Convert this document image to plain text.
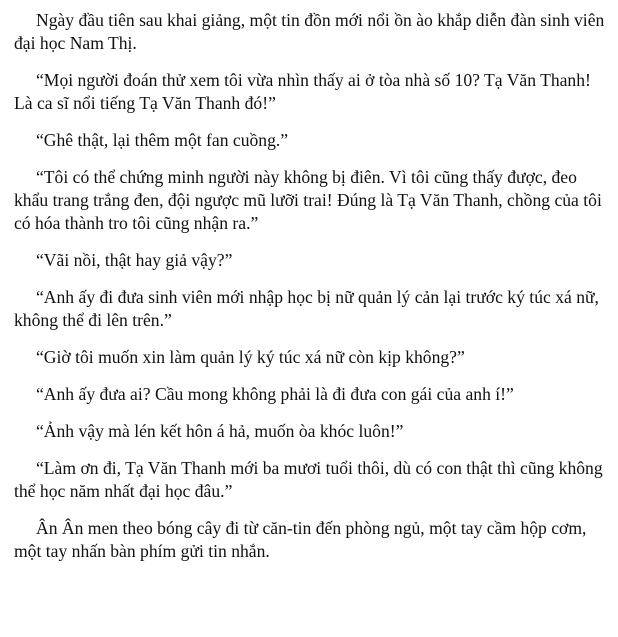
Ngày đầu tiên sau khai giảng, một tin đồn mới nổi ồn ào khắp diễn đàn sinh viên đại học Nam Thị.

“Mọi người đoán thử xem tôi vừa nhìn thấy ai ở tòa nhà số 10? Tạ Văn Thanh! Là ca sĩ nổi tiếng Tạ Văn Thanh đó!”

“Ghê thật, lại thêm một fan cuồng.”

“Tôi có thể chứng minh người này không bị điên. Vì tôi cũng thấy được, đeo khẩu trang trắng đen, đội ngược mũ lưỡi trai! Đúng là Tạ Văn Thanh, chồng của tôi có hóa thành tro tôi cũng nhận ra.”

“Vãi nồi, thật hay giả vậy?”

“Anh ấy đi đưa sinh viên mới nhập học bị nữ quản lý cản lại trước ký túc xá nữ, không thể đi lên trên.”

“Giờ tôi muốn xin làm quản lý ký túc xá nữ còn kịp không?”

“Anh ấy đưa ai? Cầu mong không phải là đi đưa con gái của anh í!”

“Ảnh vậy mà lén kết hôn á hả, muốn òa khóc luôn!”

“Làm ơn đi, Tạ Văn Thanh mới ba mươi tuổi thôi, dù có con thật thì cũng không thể học năm nhất đại học đâu.”

Ân Ân men theo bóng cây đi từ căn-tin đến phòng ngủ, một tay cầm hộp cơm, một tay nhấn bàn phím gửi tin nhắn.
